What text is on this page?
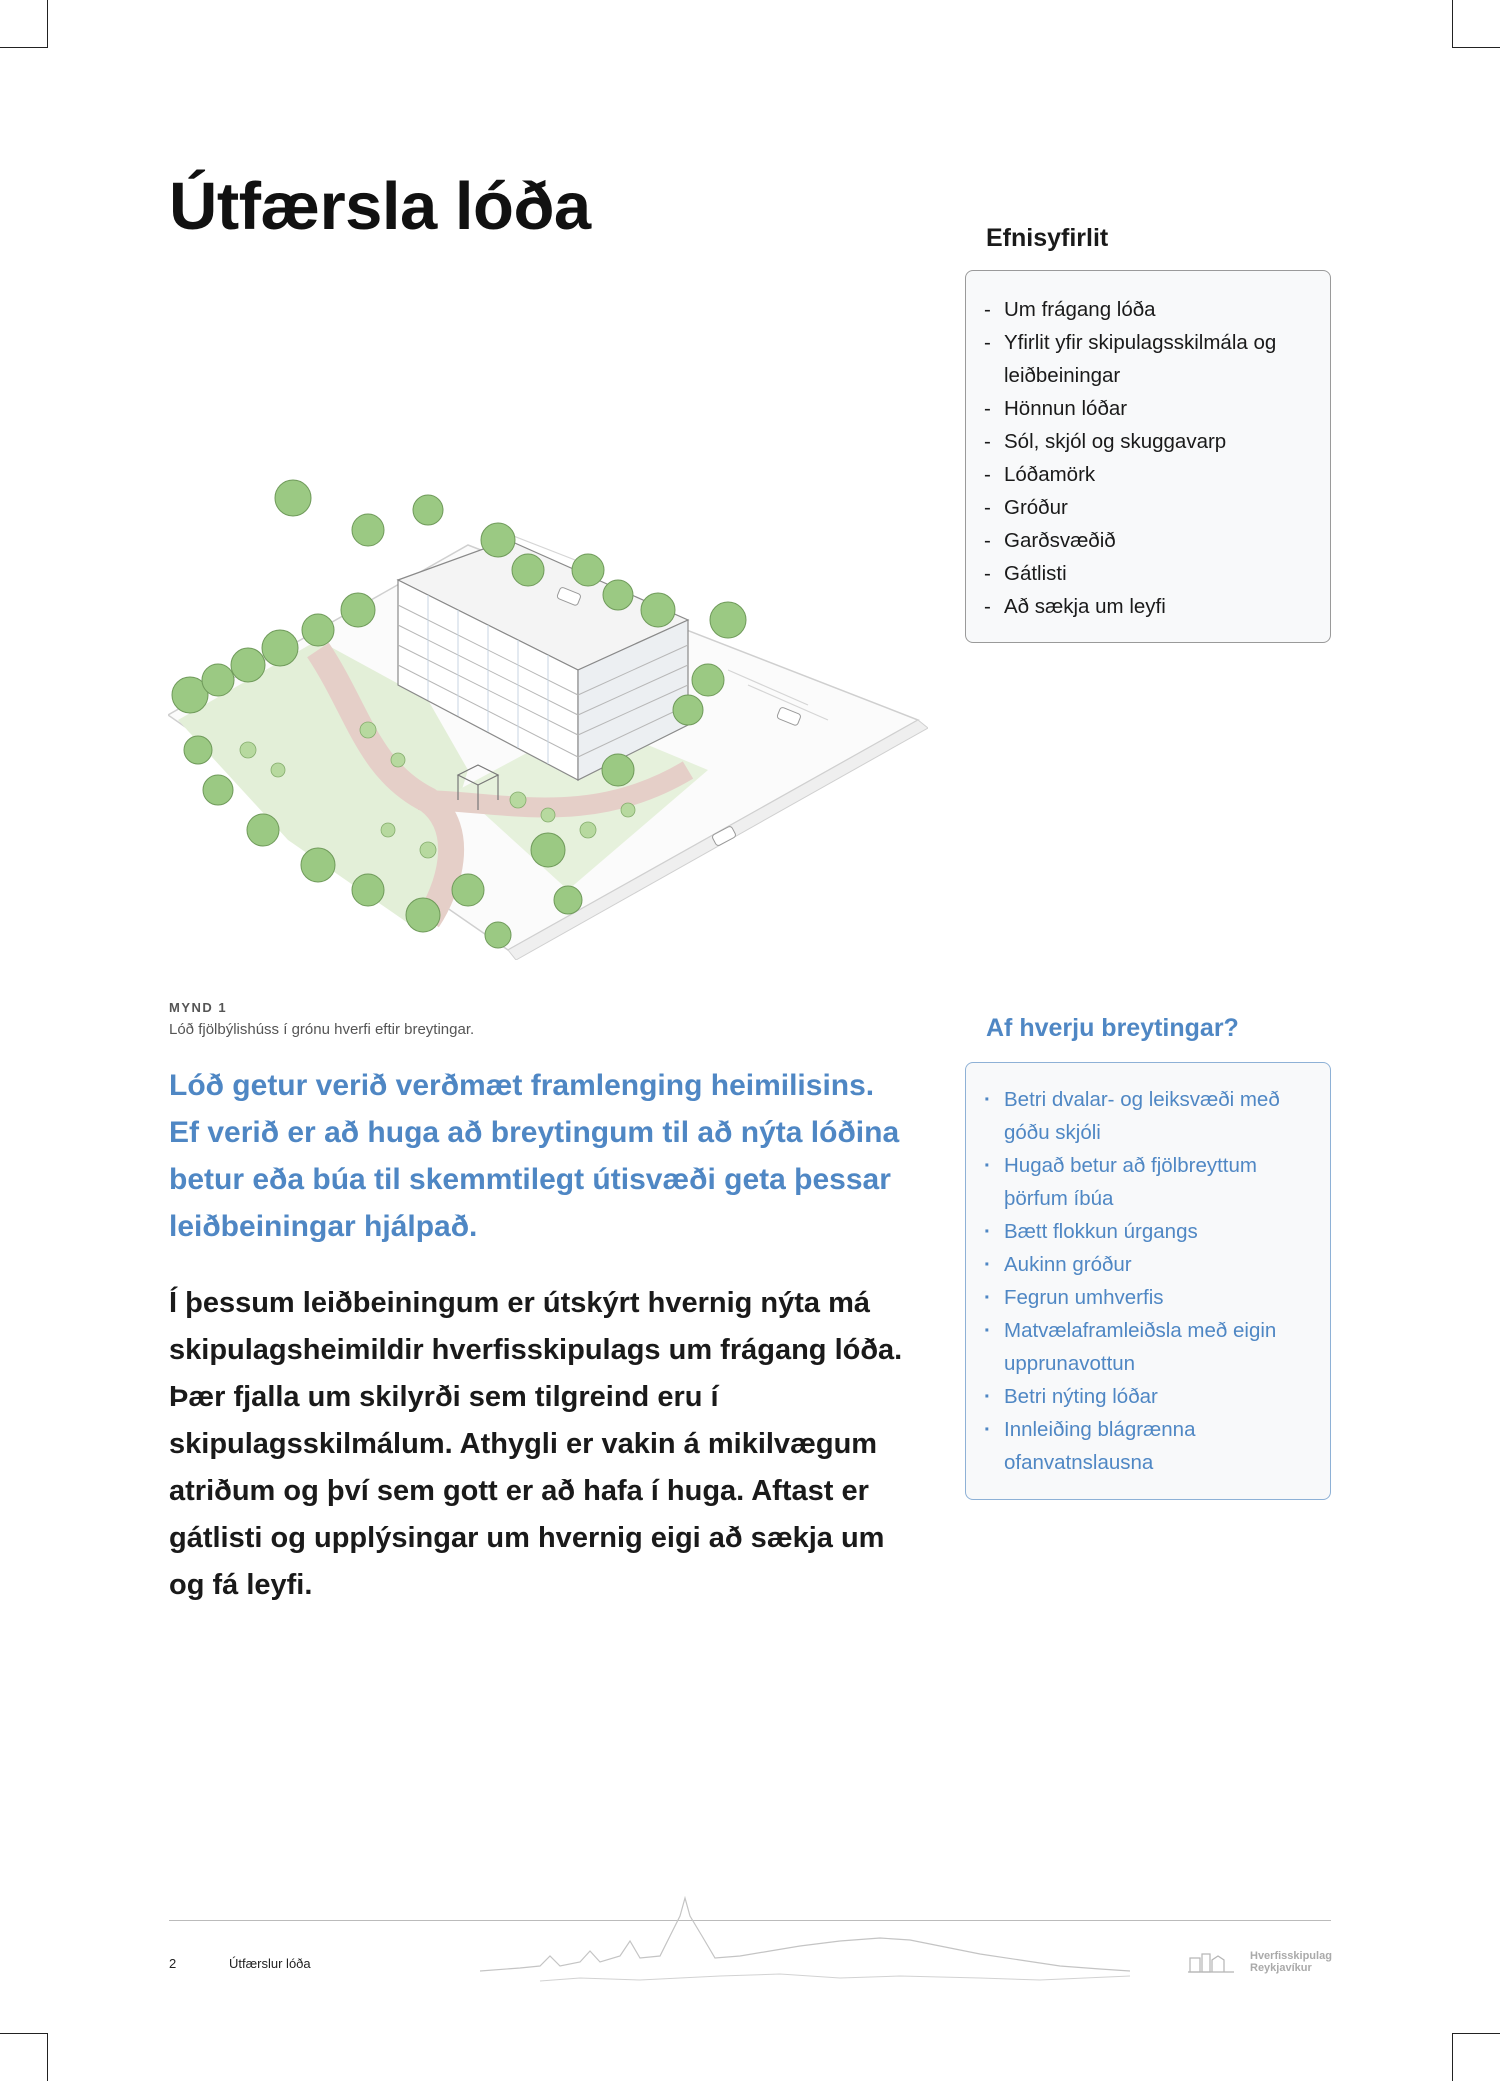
Útfærsla lóða	Efnisyfirlit
- Um frágang lóða
- Yfirlit yfir skipulagsskilmála og leiðbeiningar
- Hönnun lóðar
- Sól, skjól og skuggavarp
- Lóðamörk
- Gróður
- Garðsvæðið
- Gátlisti
- Að sækja um leyfi

MYND 1

Lóð fjölbýlishúss í grónu hverfi eftir breytingar.	Af hverju breytingar?
· Betri dvalar- og leiksvæði með góðu skjóli
· Hugað betur að fjölbreyttum þörfum íbúa
· Bætt flokkun úrgangs
· Aukinn gróður
· Fegrun umhverfis
· Matvælaframleiðsla með eigin upprunavottun
· Betri nýting lóðar
· Innleiðing blágrænna ofanvatnslausna

Lóð getur verið verðmæt framlenging heimilisins. Ef verið er að huga að breytingum til að nýta lóðina betur eða búa til skemmtilegt útisvæði geta þessar leiðbeiningar hjálpað.

Í þessum leiðbeiningum er útskýrt hvernig nýta má skipulagsheimildir hverfisskipulags um frágang lóða. Þær fjalla um skilyrði sem tilgreind eru í skipulagsskilmálum. Athygli er vakin á mikilvægum atriðum og því sem gott er að hafa í huga. Aftast er gátlisti og upplýsingar um hvernig eigi að sækja um og fá leyfi.

2	Útfærslur lóða	Hverfisskipulag
Reykjavíkur
